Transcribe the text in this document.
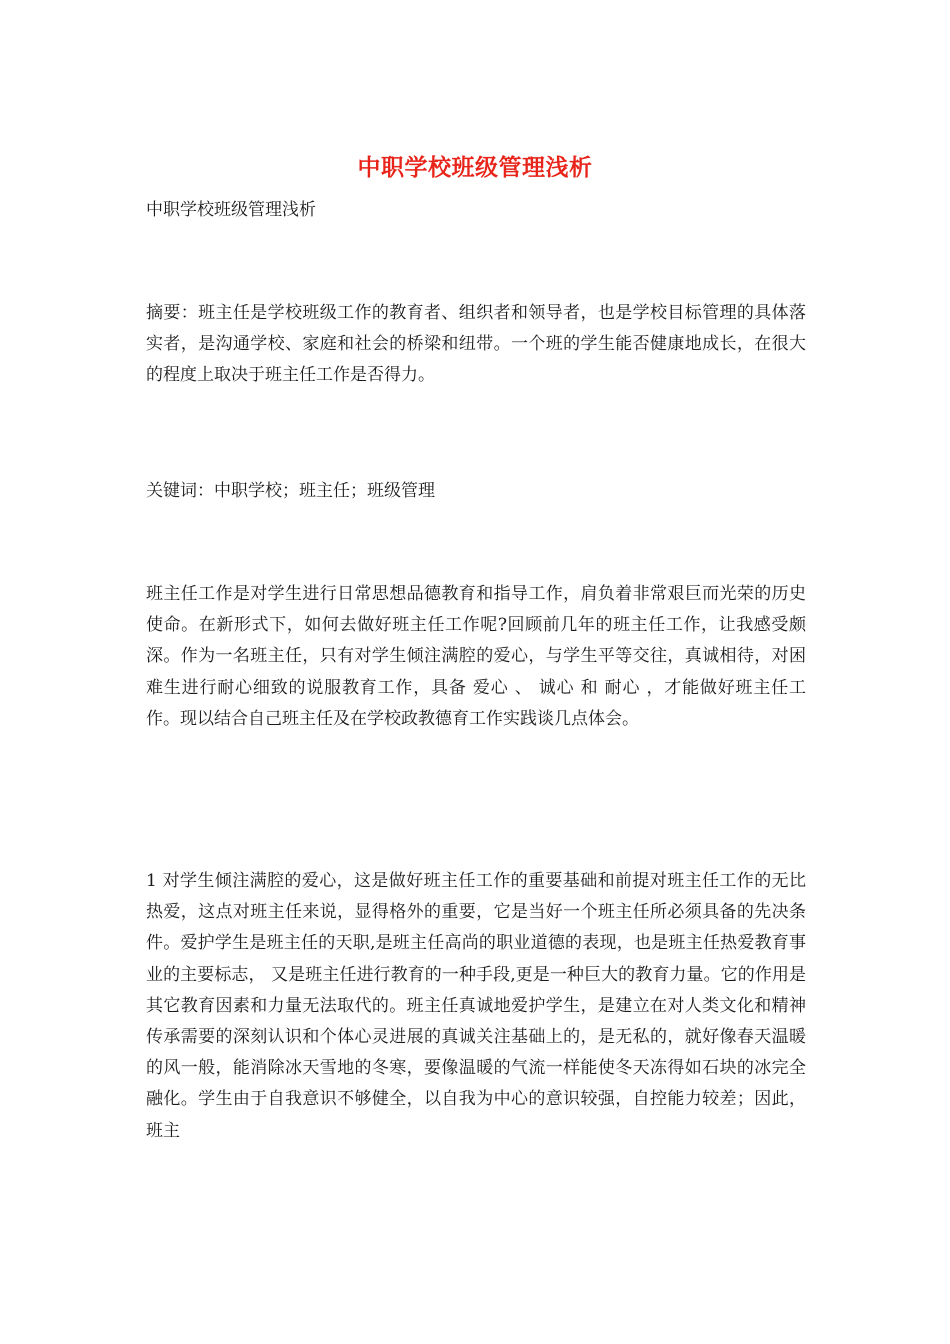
中职学校班级管理浅析

中职学校班级管理浅析

摘要：班主任是学校班级工作的教育者、组织者和领导者，也是学校目标管理的具体落实者，是沟通学校、家庭和社会的桥梁和纽带。一个班的学生能否健康地成长，在很大的程度上取决于班主任工作是否得力。

关键词：中职学校；班主任；班级管理

班主任工作是对学生进行日常思想品德教育和指导工作，肩负着非常艰巨而光荣的历史使命。在新形式下，如何去做好班主任工作呢?回顾前几年的班主任工作，让我感受颇深。作为一名班主任，只有对学生倾注满腔的爱心，与学生平等交往，真诚相待，对困难生进行耐心细致的说服教育工作，具备 爱心 、 诚心 和 耐心 ，才能做好班主任工作。现以结合自己班主任及在学校政教德育工作实践谈几点体会。

1 对学生倾注满腔的爱心，这是做好班主任工作的重要基础和前提对班主任工作的无比热爱，这点对班主任来说，显得格外的重要，它是当好一个班主任所必须具备的先决条件。爱护学生是班主任的天职,是班主任高尚的职业道德的表现，也是班主任热爱教育事业的主要标志， 又是班主任进行教育的一种手段,更是一种巨大的教育力量。它的作用是其它教育因素和力量无法取代的。班主任真诚地爱护学生，是建立在对人类文化和精神传承需要的深刻认识和个体心灵进展的真诚关注基础上的，是无私的，就好像春天温暖的风一般，能消除冰天雪地的冬寒，要像温暖的气流一样能使冬天冻得如石块的冰完全融化。学生由于自我意识不够健全，以自我为中心的意识较强，自控能力较差；因此，班主
